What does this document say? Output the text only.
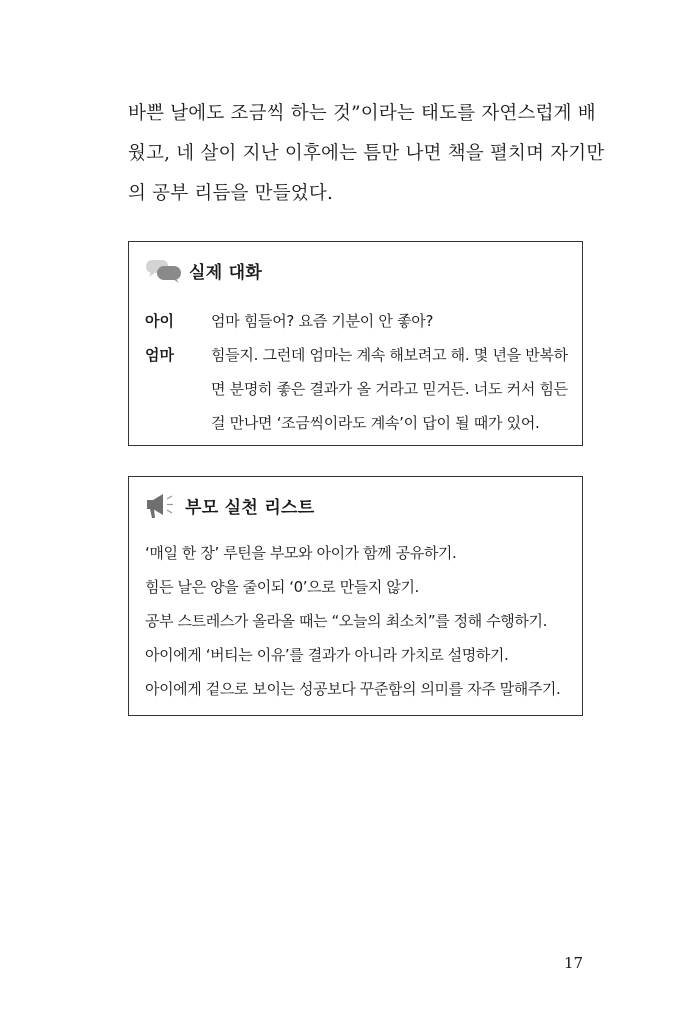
바쁜 날에도 조금씩 하는 것”이라는 태도를 자연스럽게 배

웠고, 네 살이 지난 이후에는 틈만 나면 책을 펼치며 자기만

의 공부 리듬을 만들었다.

실제 대화
아이	엄마 힘들어? 요즘 기분이 안 좋아?
엄마	힘들지. 그런데 엄마는 계속 해보려고 해. 몇 년을 반복하
면 분명히 좋은 결과가 올 거라고 믿거든. 너도 커서 힘든
걸 만나면 ‘조금씩이라도 계속’이 답이 될 때가 있어.
부모 실천 리스트
‘매일 한 장’ 루틴을 부모와 아이가 함께 공유하기.
힘든 날은 양을 줄이되 ‘0’으로 만들지 않기.
공부 스트레스가 올라올 때는 “오늘의 최소치”를 정해 수행하기.
아이에게 ‘버티는 이유’를 결과가 아니라 가치로 설명하기.
아이에게 겉으로 보이는 성공보다 꾸준함의 의미를 자주 말해주기.
17
